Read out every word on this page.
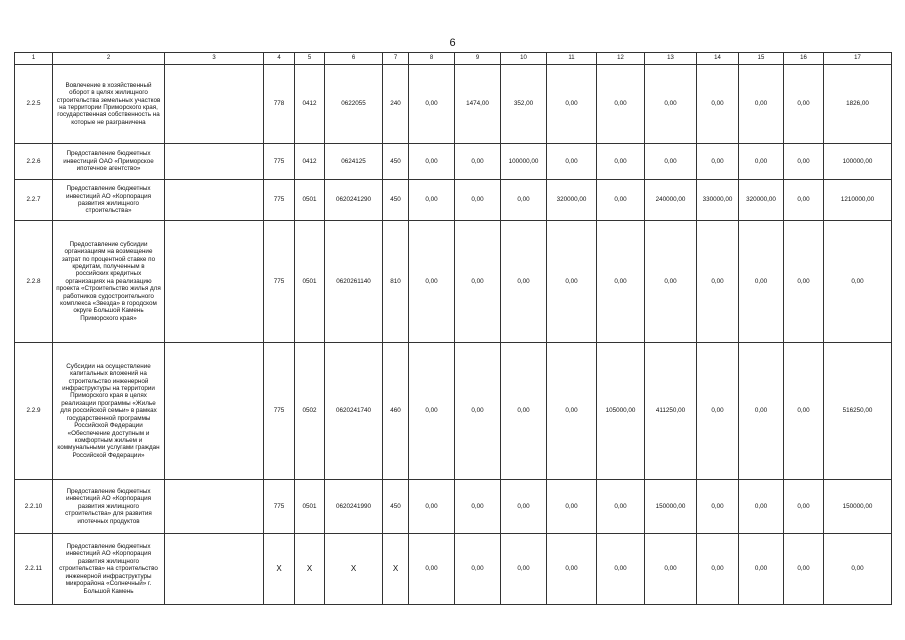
6
1	2	3	4	5	6	7	8	9	10	11	12	13	14	15	16	17
2.2.5	Вовлечение в хозяйственный оборот в целях жилищного строительства земельных участков на территории Приморского края, государственная собственность на которые не разграничена		778	0412	0622055	240	0,00	1474,00	352,00	0,00	0,00	0,00	0,00	0,00	0,00	1826,00
2.2.6	Предоставление бюджетных инвестиций ОАО «Приморское ипотечное агентство»		775	0412	0624125	450	0,00	0,00	100000,00	0,00	0,00	0,00	0,00	0,00	0,00	100000,00
2.2.7	Предоставление бюджетных инвестиций АО «Корпорация развития жилищного строительства»		775	0501	0620241290	450	0,00	0,00	0,00	320000,00	0,00	240000,00	330000,00	320000,00	0,00	1210000,00
2.2.8	Предоставление субсидии организациям на возмещение затрат по процентной ставке по кредитам, полученным в российских кредитных организациях на реализацию проекта «Строительство жилья для работников судостроительного комплекса «Звезда» в городском округе Большой Камень Приморского края»		775	0501	0620261140	810	0,00	0,00	0,00	0,00	0,00	0,00	0,00	0,00	0,00	0,00
2.2.9	Субсидии на осуществление капитальных вложений на строительство инженерной инфраструктуры на территории Приморского края в целях реализации программы «Жилье для российской семьи» в рамках государственной программы Российской Федерации «Обеспечение доступным и комфортным жильем и коммунальными услугами граждан Российской Федерации»		775	0502	0620241740	460	0,00	0,00	0,00	0,00	105000,00	411250,00	0,00	0,00	0,00	516250,00
2.2.10	Предоставление бюджетных инвестиций АО «Корпорация развития жилищного строительства» для развития ипотечных продуктов		775	0501	0620241990	450	0,00	0,00	0,00	0,00	0,00	150000,00	0,00	0,00	0,00	150000,00
2.2.11	Предоставление бюджетных инвестиций АО «Корпорация развития жилищного строительства» на строительство инженерной инфраструктуры микрорайона «Солнечный» г. Большой Камень		Х	Х	Х	Х	0,00	0,00	0,00	0,00	0,00	0,00	0,00	0,00	0,00	0,00
